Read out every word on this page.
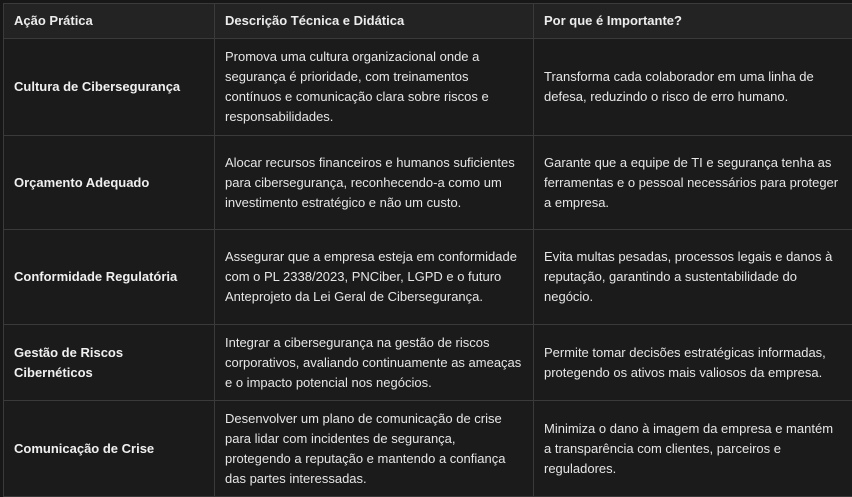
Ação Prática	Descrição Técnica e Didática	Por que é Importante?
Cultura de Cibersegurança	Promova uma cultura organizacional onde a segurança é prioridade, com treinamentos contínuos e comunicação clara sobre riscos e responsabilidades.	Transforma cada colaborador em uma linha de defesa, reduzindo o risco de erro humano.
Orçamento Adequado	Alocar recursos financeiros e humanos suficientes para cibersegurança, reconhecendo-a como um investimento estratégico e não um custo.	Garante que a equipe de TI e segurança tenha as ferramentas e o pessoal necessários para proteger a empresa.
Conformidade Regulatória	Assegurar que a empresa esteja em conformidade com o PL 2338/2023, PNCiber, LGPD e o futuro Anteprojeto da Lei Geral de Cibersegurança.	Evita multas pesadas, processos legais e danos à reputação, garantindo a sustentabilidade do negócio.
Gestão de Riscos Cibernéticos	Integrar a cibersegurança na gestão de riscos corporativos, avaliando continuamente as ameaças e o impacto potencial nos negócios.	Permite tomar decisões estratégicas informadas, protegendo os ativos mais valiosos da empresa.
Comunicação de Crise	Desenvolver um plano de comunicação de crise para lidar com incidentes de segurança, protegendo a reputação e mantendo a confiança das partes interessadas.	Minimiza o dano à imagem da empresa e mantém a transparência com clientes, parceiros e reguladores.
